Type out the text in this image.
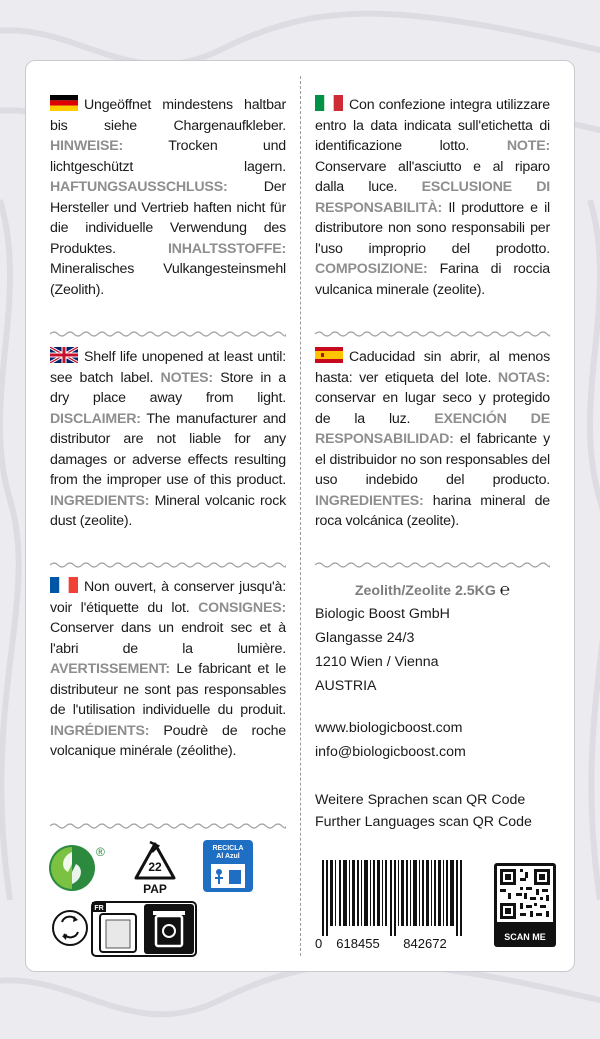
Ungeöffnet mindestens haltbar bis siehe Chargenaufkleber. HINWEISE:	Trocken und lichtgeschützt lagern. HAFTUNGSAUSSCHLUSS:	Der Hersteller und Vertrieb haften nicht für die individuelle Verwendung des Produktes.	INHALTSSTOFFE: Mineralisches Vulkangesteinsmehl (Zeolith).
Shelf life unopened at least until: see batch label. NOTES: Store in a dry place away from light. DISCLAIMER: The manufacturer and distributor are not liable for any damages or adverse effects resulting from the improper use of this product. INGREDIENTS: Mineral volcanic rock dust (zeolite).
Non ouvert, à conserver jusqu'à: voir l'étiquette du lot. CONSIGNES: Conserver dans un endroit sec et à l'abri de la lumière. AVERTISSEMENT: Le fabricant et le distributeur ne sont pas responsables de l'utilisation individuelle du produit. INGRÉDIENTS: Poudrè de roche volcanique minérale (zéolithe).
®
22
PAP
RECICLA
Al Azul
FR
Con confezione integra utilizzare entro la data indicata sull'etichetta di identificazione lotto.	NOTE: Conservare all'asciutto e al riparo dalla luce. ESCLUSIONE DI RESPONSABILITÀ: Il produttore e il distributore non sono responsabili per l'uso improprio del prodotto. COMPOSIZIONE: Farina di roccia vulcanica minerale (zeolite).
Caducidad sin abrir, al menos hasta: ver etiqueta del lote. NOTAS: conservar en lugar seco y protegido de la luz. EXENCIÓN DE RESPONSABILIDAD: el fabricante y el distribuidor no son responsables del uso indebido del producto. INGREDIENTES: harina mineral de roca volcánica (zeolite).
Zeolith/Zeolite 2.5KG ℮
Biologic Boost GmbH
Glangasse 24/3
1210 Wien / Vienna
AUSTRIA
www.biologicboost.com
info@biologicboost.com
Weitere Sprachen scan QR Code
Further Languages scan QR Code
0 618455 842672	SCAN ME
